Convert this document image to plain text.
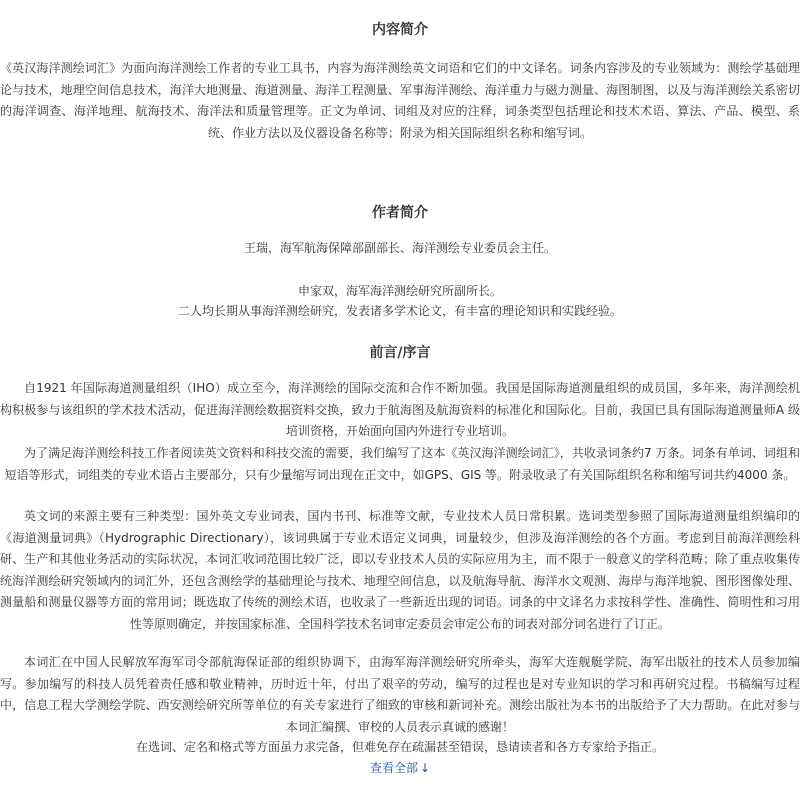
内容简介

《英汉海洋测绘词汇》为面向海洋测绘工作者的专业工具书，内容为海洋测绘英文词语和它们的中文译名。词条内容涉及的专业领域为：测绘学基础理论与技术，地理空间信息技术，海洋大地测量、海道测量、海洋工程测量、军事海洋测绘、海洋重力与磁力测量、海图制图，以及与海洋测绘关系密切的海洋调查、海洋地理、航海技术、海洋法和质量管理等。正文为单词、词组及对应的注释，词条类型包括理论和技术术语、算法、产品、模型、系统、作业方法以及仪器设备名称等；附录为相关国际组织名称和缩写词。

作者简介

王瑞，海军航海保障部副部长、海洋测绘专业委员会主任。

申家双，海军海洋测绘研究所副所长。

二人均长期从事海洋测绘研究，发表诸多学术论文，有丰富的理论知识和实践经验。

前言/序言

自1921 年国际海道测量组织（IHO）成立至今，海洋测绘的国际交流和合作不断加强。我国是国际海道测量组织的成员国，多年来，海洋测绘机构积极参与该组织的学术技术活动，促进海洋测绘数据资料交换，致力于航海图及航海资料的标准化和国际化。目前，我国已具有国际海道测量师A 级培训资格，开始面向国内外进行专业培训。

为了满足海洋测绘科技工作者阅读英文资料和科技交流的需要，我们编写了这本《英汉海洋测绘词汇》，共收录词条约7 万条。词条有单词、词组和短语等形式，词组类的专业术语占主要部分，只有少量缩写词出现在正文中，如GPS、GIS 等。附录收录了有关国际组织名称和缩写词共约4000 条。

英文词的来源主要有三种类型：国外英文专业词表，国内书刊、标准等文献，专业技术人员日常积累。选词类型参照了国际海道测量组织编印的《海道测量词典》（Hydrographic Directionary），该词典属于专业术语定义词典，词量较少，但涉及海洋测绘的各个方面。考虑到目前海洋测绘科研、生产和其他业务活动的实际状况，本词汇收词范围比较广泛，即以专业技术人员的实际应用为主，而不限于一般意义的学科范畴；除了重点收集传统海洋测绘研究领域内的词汇外，还包含测绘学的基础理论与技术、地理空间信息，以及航海导航、海洋水文观测、海岸与海洋地貌、图形图像处理、测量船和测量仪器等方面的常用词；既选取了传统的测绘术语，也收录了一些新近出现的词语。词条的中文译名力求按科学性、准确性、简明性和习用性等原则确定，并按国家标准、全国科学技术名词审定委员会审定公布的词表对部分词名进行了订正。

本词汇在中国人民解放军海军司令部航海保证部的组织协调下，由海军海洋测绘研究所牵头，海军大连舰艇学院、海军出版社的技术人员参加编写。参加编写的科技人员凭着责任感和敬业精神，历时近十年，付出了艰辛的劳动，编写的过程也是对专业知识的学习和再研究过程。书稿编写过程中，信息工程大学测绘学院、西安测绘研究所等单位的有关专家进行了细致的审核和新词补充。测绘出版社为本书的出版给予了大力帮助。在此对参与本词汇编撰、审校的人员表示真诚的感谢！

在选词、定名和格式等方面虽力求完备，但难免存在疏漏甚至错误，恳请读者和各方专家给予指正。

查看全部 ↓
